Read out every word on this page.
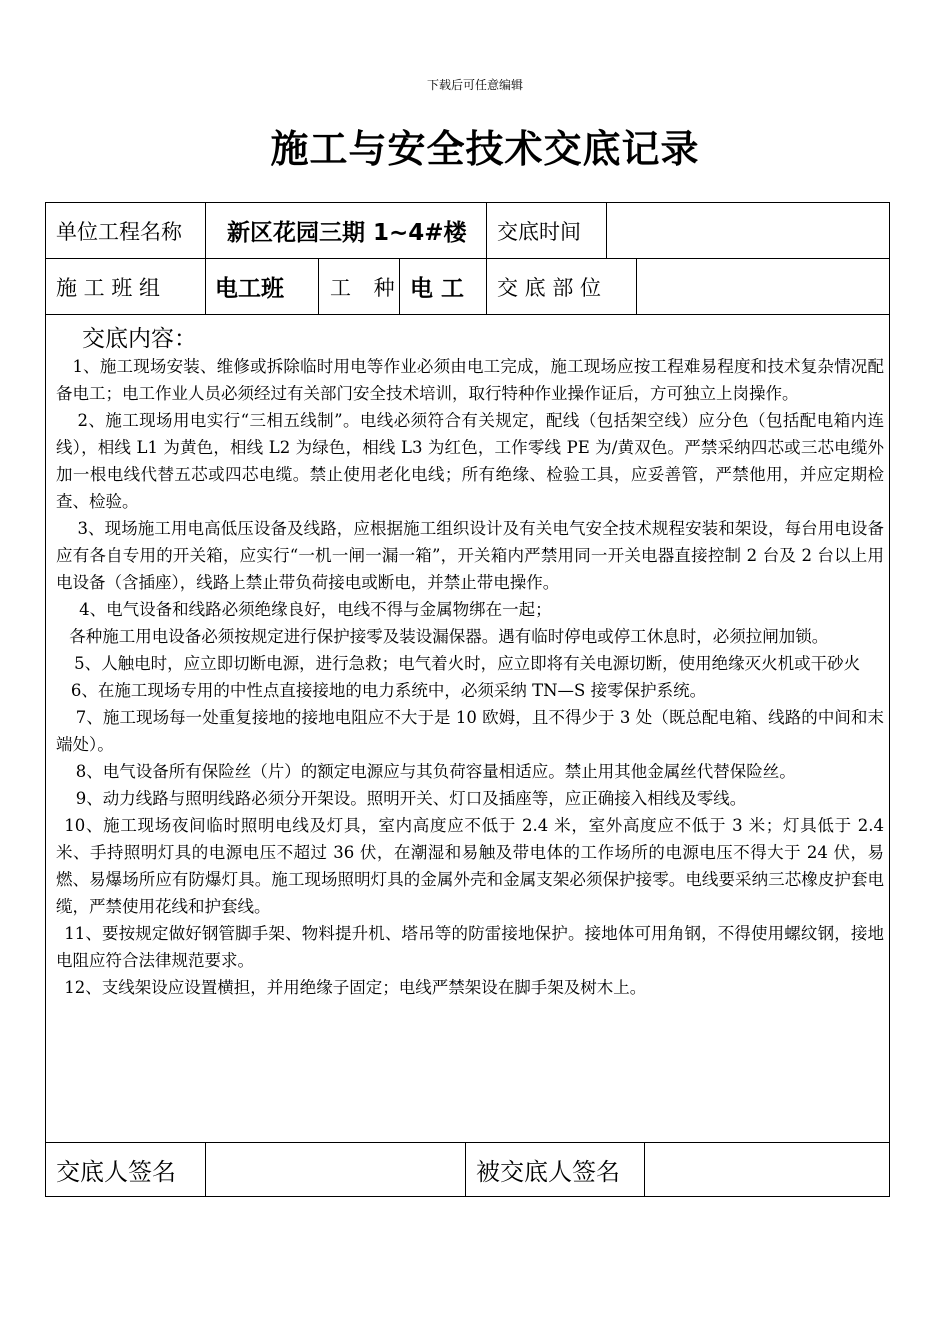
下载后可任意编辑
施工与安全技术交底记录
单位工程名称 新区花园三期 1~4#楼 交底时间
施 工 班 组 电工班 工 种 电 工 交 底 部 位
交底内容：

1、施工现场安装、维修或拆除临时用电等作业必须由电工完成，施工现场应按工程难易程度和技术复杂情况配备电工；电工作业人员必须经过有关部门安全技术培训，取行特种作业操作证后，方可独立上岗操作。

2、施工现场用电实行“三相五线制”。电线必须符合有关规定，配线（包括架空线）应分色（包括配电箱内连线），相线 L1 为黄色，相线 L2 为绿色，相线 L3 为红色，工作零线 PE 为/黄双色。严禁采纳四芯或三芯电缆外加一根电线代替五芯或四芯电缆。禁止使用老化电线；所有绝缘、检验工具，应妥善管，严禁他用，并应定期检查、检验。

3、现场施工用电高低压设备及线路，应根据施工组织设计及有关电气安全技术规程安装和架设，每台用电设备应有各自专用的开关箱，应实行“一机一闸一漏一箱”，开关箱内严禁用同一开关电器直接控制 2 台及 2 台以上用电设备（含插座），线路上禁止带负荷接电或断电，并禁止带电操作。

4、电气设备和线路必须绝缘良好，电线不得与金属物绑在一起；

各种施工用电设备必须按规定进行保护接零及装设漏保器。遇有临时停电或停工休息时，必须拉闸加锁。

5、人触电时，应立即切断电源，进行急救；电气着火时，应立即将有关电源切断，使用绝缘灭火机或干砂火

6、在施工现场专用的中性点直接接地的电力系统中，必须采纳 TN—S 接零保护系统。

7、施工现场每一处重复接地的接地电阻应不大于是 10 欧姆，且不得少于 3 处（既总配电箱、线路的中间和末端处）。

8、电气设备所有保险丝（片）的额定电源应与其负荷容量相适应。禁止用其他金属丝代替保险丝。

9、动力线路与照明线路必须分开架设。照明开关、灯口及插座等，应正确接入相线及零线。

10、施工现场夜间临时照明电线及灯具，室内高度应不低于 2.4 米，室外高度应不低于 3 米；灯具低于 2.4 米、手持照明灯具的电源电压不超过 36 伏，在潮湿和易触及带电体的工作场所的电源电压不得大于 24 伏，易燃、易爆场所应有防爆灯具。施工现场照明灯具的金属外壳和金属支架必须保护接零。电线要采纳三芯橡皮护套电缆，严禁使用花线和护套线。

11、要按规定做好钢管脚手架、物料提升机、塔吊等的防雷接地保护。接地体可用角钢，不得使用螺纹钢，接地电阻应符合法律规范要求。

12、支线架设应设置横担，并用绝缘子固定；电线严禁架设在脚手架及树木上。

交底人签名	被交底人签名
